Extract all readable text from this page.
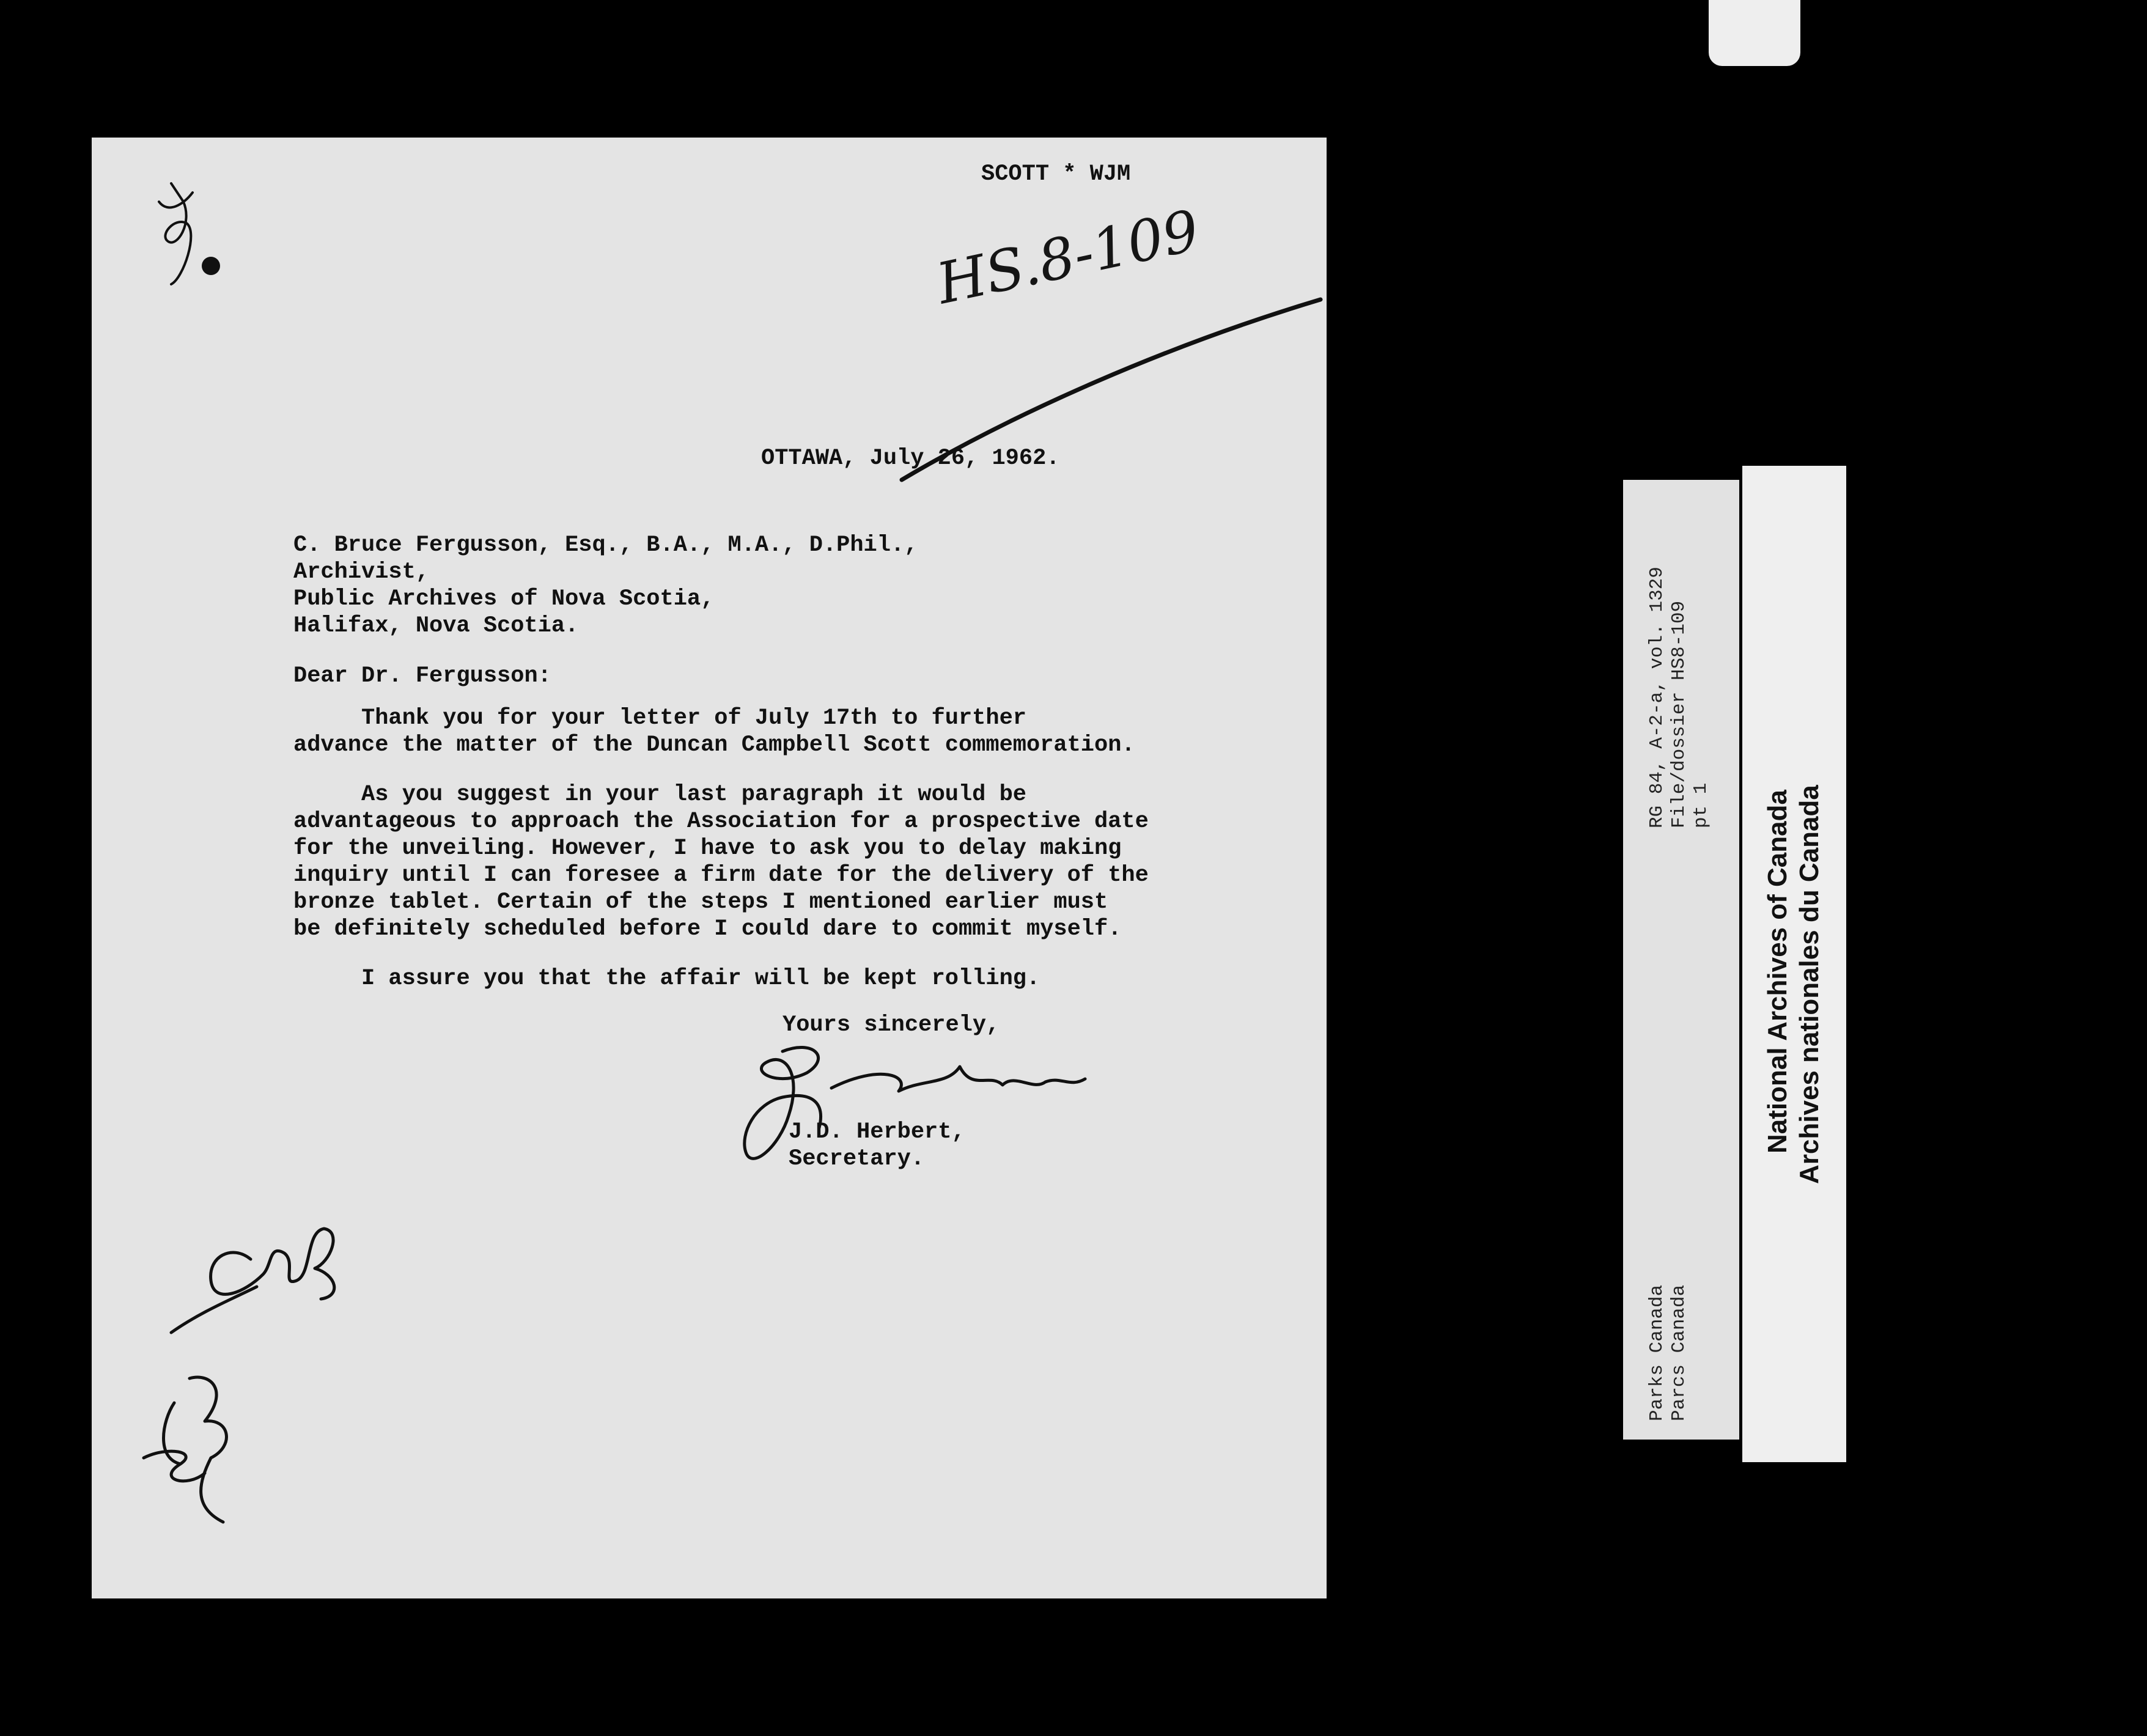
SCOTT * WJM

HS.8-109

OTTAWA, July 26, 1962.

C. Bruce Fergusson, Esq., B.A., M.A., D.Phil.,

Archivist,

Public Archives of Nova Scotia,

Halifax, Nova Scotia.

Dear Dr. Fergusson:

Thank you for your letter of July 17th to further

advance the matter of the Duncan Campbell Scott commemoration.

As you suggest in your last paragraph it would be

advantageous to approach the Association for a prospective date

for the unveiling. However, I have to ask you to delay making

inquiry until I can foresee a firm date for the delivery of the

bronze tablet. Certain of the steps I mentioned earlier must

be definitely scheduled before I could dare to commit myself.

I assure you that the affair will be kept rolling.

Yours sincerely,

J.D. Herbert,

Secretary.

Parks Canada Parcs Canada
RG 84, A-2-a, vol. 1329 File/dossier HS8-109 pt 1 National Archives of Canada Archives nationales du Canada
